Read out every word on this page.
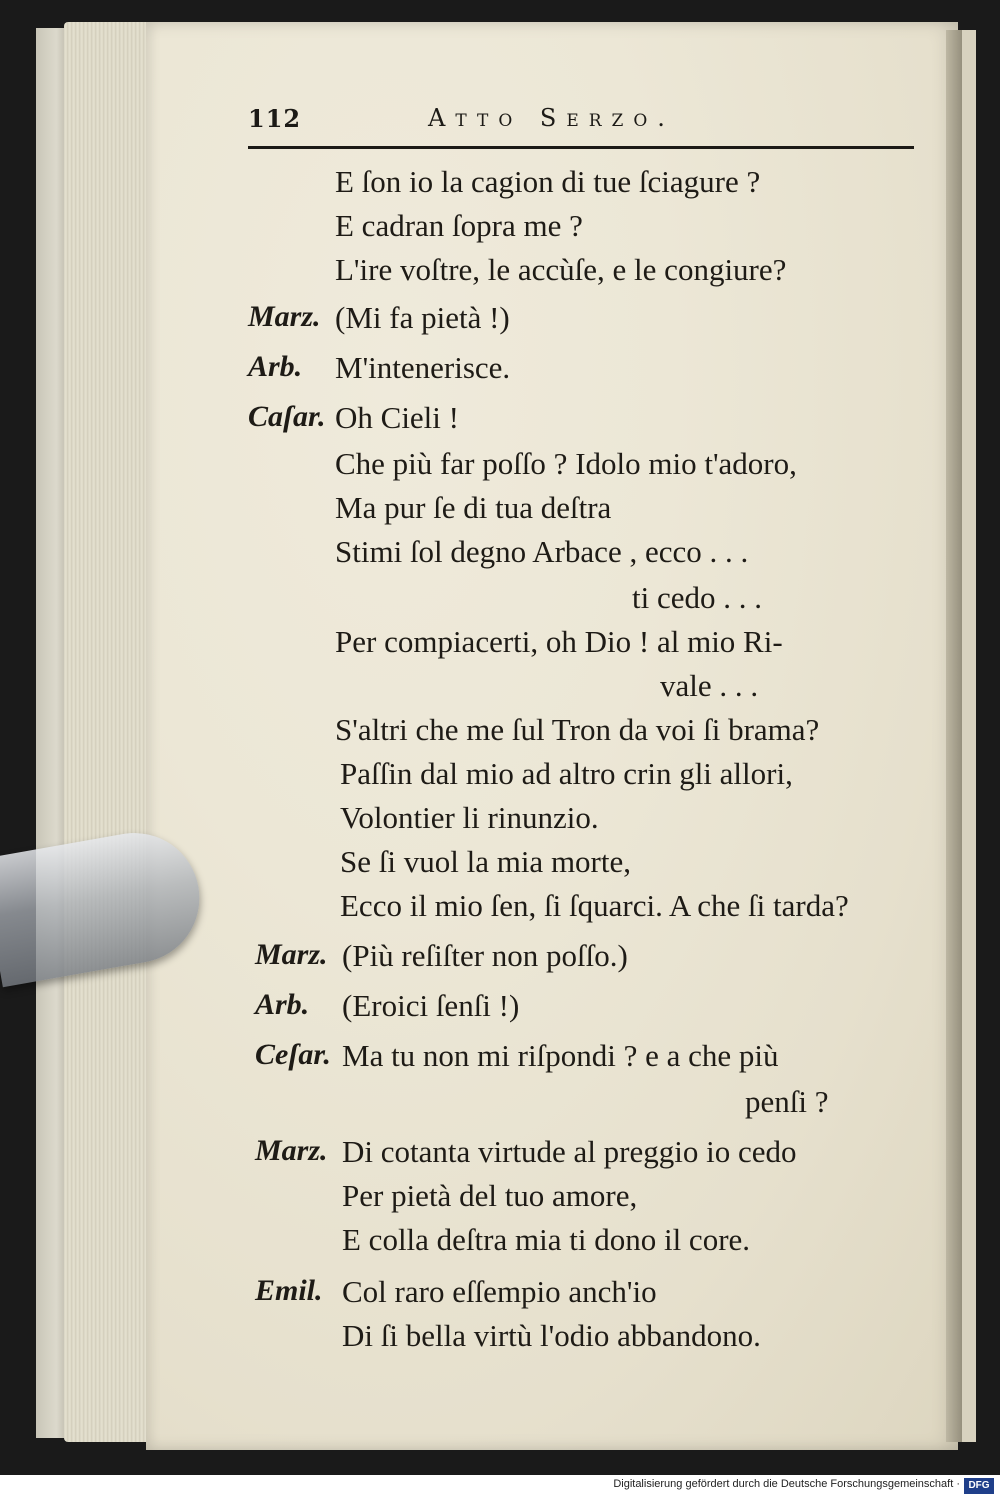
112	Atto Serzo.
E ſon io la cagion di tue ſciagure ?
E cadran ſopra me ?
L'ire voſtre, le accùſe, e le congiure?
Marz. (Mi fa pietà !)
Arb. M'intenerisce.
Caſar. Oh Cieli !
Che più far poſſo ? Idolo mio t'adoro,
Ma pur ſe di tua deſtra
Stimi ſol degno Arbace , ecco . . .
ti cedo . . .
Per compiacerti, oh Dio ! al mio Ri-
vale . . .
S'altri che me ſul Tron da voi ſi brama?
Paſſin dal mio ad altro crin gli allori,
Volontier li rinunzio.
Se ſi vuol la mia morte,
Ecco il mio ſen, ſi ſquarci. A che ſi tarda?
Marz. (Più reſiſter non poſſo.)
Arb. (Eroici ſenſi !)
Ceſar. Ma tu non mi riſpondi ? e a che più
penſi ?
Marz. Di cotanta virtude al preggio io cedo
Per pietà del tuo amore,
E colla deſtra mia ti dono il core.
Emil. Col raro eſſempio anch'io
Di ſi bella virtù l'odio abbandono.
Digitalisierung gefördert durch die Deutsche Forschungsgemeinschaft · DFG
